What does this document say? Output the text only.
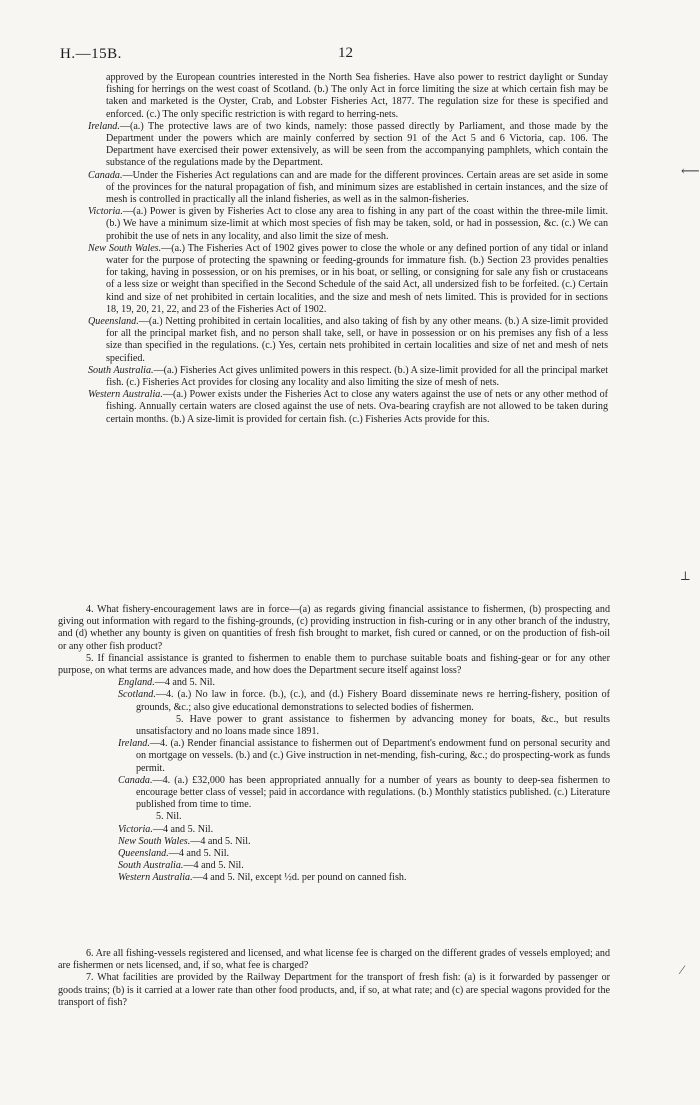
H.—15B.	12
⟵
⟂
⁄

approved by the European countries interested in the North Sea fisheries. Have also power to restrict daylight or Sunday fishing for herrings on the west coast of Scotland. (b.) The only Act in force limiting the size at which certain fish may be taken and marketed is the Oyster, Crab, and Lobster Fisheries Act, 1877. The regulation size for these is specified and enforced. (c.) The only specific restriction is with regard to herring-nets.

Ireland.—(a.) The protective laws are of two kinds, namely: those passed directly by Parliament, and those made by the Department under the powers which are mainly conferred by section 91 of the Act 5 and 6 Victoria, cap. 106. The Department have exercised their power extensively, as will be seen from the accompanying pamphlets, which contain the substance of the regulations made by the Department.

Canada.—Under the Fisheries Act regulations can and are made for the different provinces. Certain areas are set aside in some of the provinces for the natural propagation of fish, and minimum sizes are established in certain instances, and the size of mesh is controlled in practically all the inland fisheries, as well as in the salmon-fisheries.

Victoria.—(a.) Power is given by Fisheries Act to close any area to fishing in any part of the coast within the three-mile limit. (b.) We have a minimum size-limit at which most species of fish may be taken, sold, or had in possession, &c. (c.) We can prohibit the use of nets in any locality, and also limit the size of mesh.

New South Wales.—(a.) The Fisheries Act of 1902 gives power to close the whole or any defined portion of any tidal or inland water for the purpose of protecting the spawning or feeding-grounds for immature fish. (b.) Section 23 provides penalties for taking, having in possession, or on his premises, or in his boat, or selling, or consigning for sale any fish or crustaceans of a less size or weight than specified in the Second Schedule of the said Act, all undersized fish to be forfeited. (c.) Certain kind and size of net prohibited in certain localities, and the size and mesh of nets limited. This is provided for in sections 18, 19, 20, 21, 22, and 23 of the Fisheries Act of 1902.

Queensland.—(a.) Netting prohibited in certain localities, and also taking of fish by any other means. (b.) A size-limit provided for all the principal market fish, and no person shall take, sell, or have in possession or on his premises any fish of a less size than specified in the regulations. (c.) Yes, certain nets prohibited in certain localities and size of net and mesh of nets specified.

South Australia.—(a.) Fisheries Act gives unlimited powers in this respect. (b.) A size-limit provided for all the principal market fish. (c.) Fisheries Act provides for closing any locality and also limiting the size of mesh of nets.

Western Australia.—(a.) Power exists under the Fisheries Act to close any waters against the use of nets or any other method of fishing. Annually certain waters are closed against the use of nets. Ova-bearing crayfish are not allowed to be taken during certain months. (b.) A size-limit is provided for certain fish. (c.) Fisheries Acts provide for this.

4. What fishery-encouragement laws are in force—(a) as regards giving financial assistance to fishermen, (b) prospecting and giving out information with regard to the fishing-grounds, (c) providing instruction in fish-curing or in any other branch of the industry, and (d) whether any bounty is given on quantities of fresh fish brought to market, fish cured or canned, or on the production of fish-oil or any other fish product?

5. If financial assistance is granted to fishermen to enable them to purchase suitable boats and fishing-gear or for any other purpose, on what terms are advances made, and how does the Department secure itself against loss?

England.—4 and 5. Nil.

Scotland.—4. (a.) No law in force. (b.), (c.), and (d.) Fishery Board disseminate news re herring-fishery, position of grounds, &c.; also give educational demonstrations to selected bodies of fishermen.

5. Have power to grant assistance to fishermen by advancing money for boats, &c., but results unsatisfactory and no loans made since 1891.

Ireland.—4. (a.) Render financial assistance to fishermen out of Department's endowment fund on personal security and on mortgage on vessels. (b.) and (c.) Give instruction in net-mending, fish-curing, &c.; do prospecting-work as funds permit.

Canada.—4. (a.) £32,000 has been appropriated annually for a number of years as bounty to deep-sea fishermen to encourage better class of vessel; paid in accordance with regulations. (b.) Monthly statistics published. (c.) Literature published from time to time.

5. Nil.

Victoria.—4 and 5. Nil.

New South Wales.—4 and 5. Nil.

Queensland.—4 and 5. Nil.

South Australia.—4 and 5. Nil.

Western Australia.—4 and 5. Nil, except ½d. per pound on canned fish.

6. Are all fishing-vessels registered and licensed, and what license fee is charged on the different grades of vessels employed; and are fishermen or nets licensed, and, if so, what fee is charged?

7. What facilities are provided by the Railway Department for the transport of fresh fish: (a) is it forwarded by passenger or goods trains; (b) is it carried at a lower rate than other food products, and, if so, at what rate; and (c) are special wagons provided for the transport of fish?
